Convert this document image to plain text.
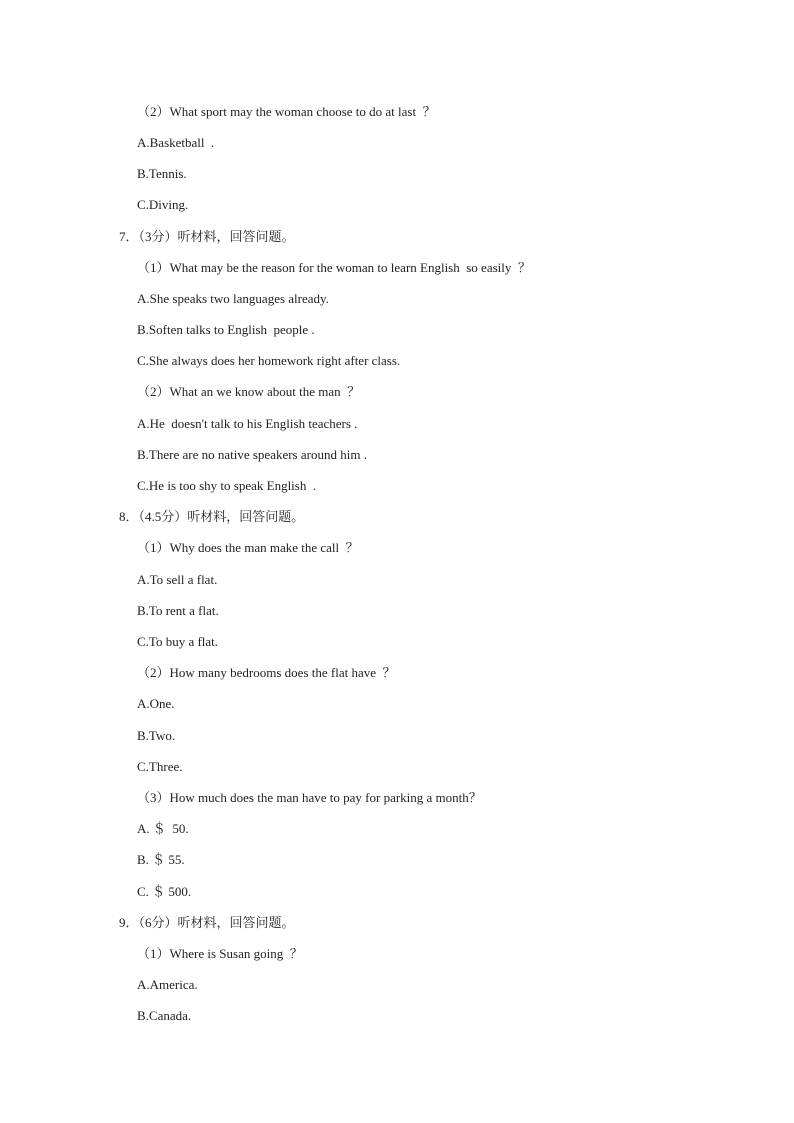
（2）What sport may the woman choose to do at last  ？
A.Basketball  .
B.Tennis.
C.Diving.
7．（3分）听材料，回答问题。
（1）What may be the reason for the woman to learn English  so easily  ？
A.She speaks two languages already.
B.Soften talks to English  people .
C.She always does her homework right after class.
（2）What an we know about the man  ？
A.He  doesn't talk to his English teachers .
B.There are no native speakers around him .
C.He is too shy to speak English  .
8．（4.5分）听材料，回答问题。
（1）Why does the man make the call  ？
A.To sell a flat.
B.To rent a flat.
C.To buy a flat.
（2）How many bedrooms does the flat have  ？
A.One.
B.Two.
C.Three.
（3）How much does the man have to pay for parking a month？
A. ＄  50.
B. ＄ 55.
C. ＄ 500.
9．（6分）听材料，回答问题。
（1）Where is Susan going  ？
A.America.
B.Canada.
